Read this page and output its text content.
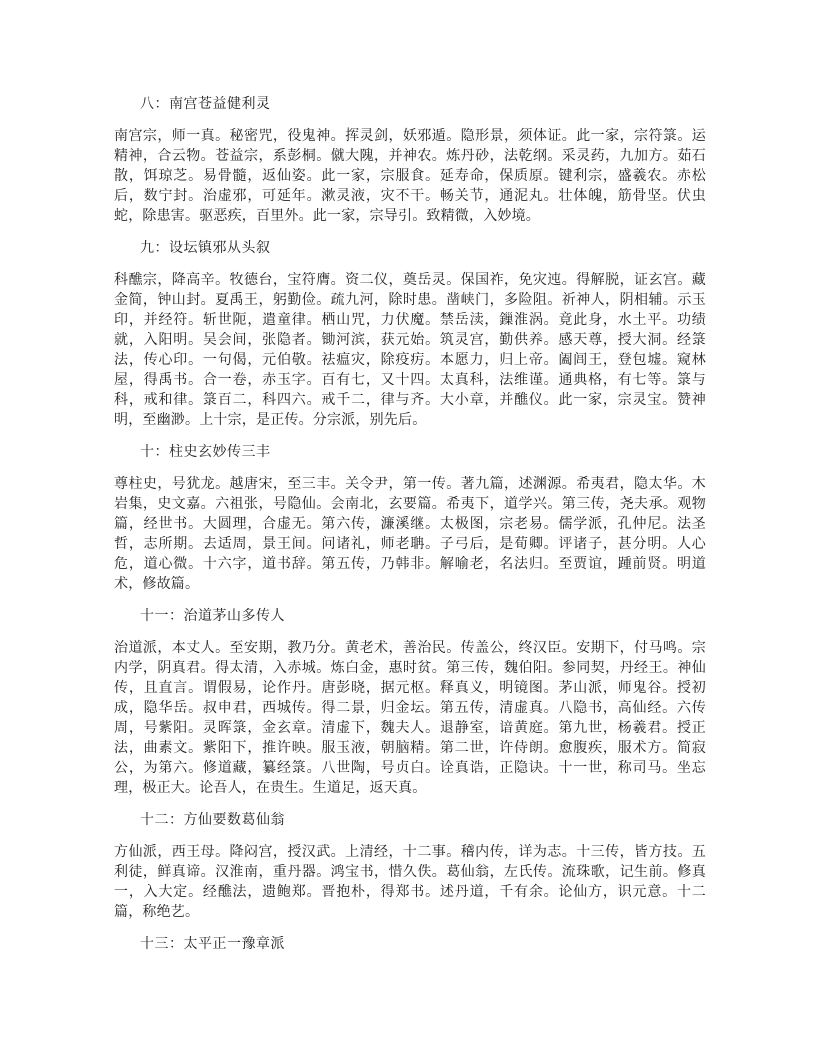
八：南宫苍益健利灵

南宫宗，师一真。秘密咒，役鬼神。挥灵剑，妖邪遁。隐形景，须体证。此一家，宗符箓。运精神，合云物。苍益宗，系彭桐。僦大隗，并神农。炼丹砂，法乾纲。采灵药，九加方。茹石散，饵琼芝。易骨髓，返仙姿。此一家，宗服食。延寿命，保质原。键利宗，盛羲农。赤松后，数宁封。治虚邪，可延年。漱灵液，灾不干。畅关节，通泥丸。壮体魄，筋骨坚。伏虫蛇，除患害。驱恶疾，百里外。此一家，宗导引。致精微，入妙境。

九：设坛镇邪从头叙

科醮宗，降高辛。牧德台，宝符膺。资二仪，奠岳灵。保国祚，免灾迍。得解脱，证玄宫。藏金简，钟山封。夏禹王，躬勤俭。疏九河，除时患。凿峡门，多险阻。祈神人，阴相辅。示玉印，并经符。斩世阨，遣童律。栖山咒，力伏魔。禁岳渎，鏁淮涡。竟此身，水土平。功绩就，入阳明。吴会间，张隐者。锄河滨，获元始。筑灵宫，勤供养。感天尊，授大洞。经箓法，传心印。一句偈，元伯敬。祛瘟灾，除疫疠。本愿力，归上帝。阖闾王，登包墟。窥林屋，得禹书。合一卷，赤玉字。百有七，又十四。太真科，法维谨。通典格，有七等。箓与科，戒和律。箓百二，科四六。戒千二，律与齐。大小章，并醮仪。此一家，宗灵宝。赞神明，至幽渺。上十宗，是正传。分宗派，别先后。

十：柱史玄妙传三丰

尊柱史，号犹龙。越唐宋，至三丰。关令尹，第一传。著九篇，述渊源。希夷君，隐太华。木岩集，史文嘉。六祖张，号隐仙。会南北，玄要篇。希夷下，道学兴。第三传，尧夫承。观物篇，经世书。大圆理，合虚无。第六传，濂溪继。太极图，宗老易。儒学派，孔仲尼。法圣哲，志所期。去适周，景王间。问诸礼，师老聃。子弓后，是荀卿。评诸子，甚分明。人心危，道心微。十六字，道书辞。第五传，乃韩非。解喻老，名法归。至贾谊，踵前贤。明道术，修故篇。

十一：治道茅山多传人

治道派，本丈人。至安期，教乃分。黄老术，善治民。传盖公，终汉臣。安期下，付马鸣。宗内学，阴真君。得太清，入赤城。炼白金，惠时贫。第三传，魏伯阳。参同契，丹经王。神仙传，且直言。谓假易，论作丹。唐彭晓，据元枢。释真义，明镜图。茅山派，师鬼谷。授初成，隐华岳。叔申君，西城传。得二景，归金坛。第五传，清虚真。八隐书，高仙经。六传周，号紫阳。灵晖箓，金玄章。清虚下，魏夫人。退静室，谙黄庭。第九世，杨羲君。授正法，曲素文。紫阳下，推许映。服玉液，朝脑精。第二世，许侍朗。愈腹疾，服术方。简寂公，为第六。修道藏，纂经箓。八世陶，号贞白。诠真诰，正隐诀。十一世，称司马。坐忘理，极正大。论吾人，在贵生。生道足，返天真。

十二：方仙要数葛仙翁

方仙派，西王母。降闷宫，授汉武。上清经，十二事。稽内传，详为志。十三传，皆方技。五利徒，鲜真谛。汉淮南，重丹器。鸿宝书，惜久佚。葛仙翁，左氏传。流珠歌，记生前。修真一，入大定。经醮法，遗鲍郑。晋抱朴，得郑书。述丹道，千有余。论仙方，识元意。十二篇，称绝艺。

十三：太平正一豫章派
